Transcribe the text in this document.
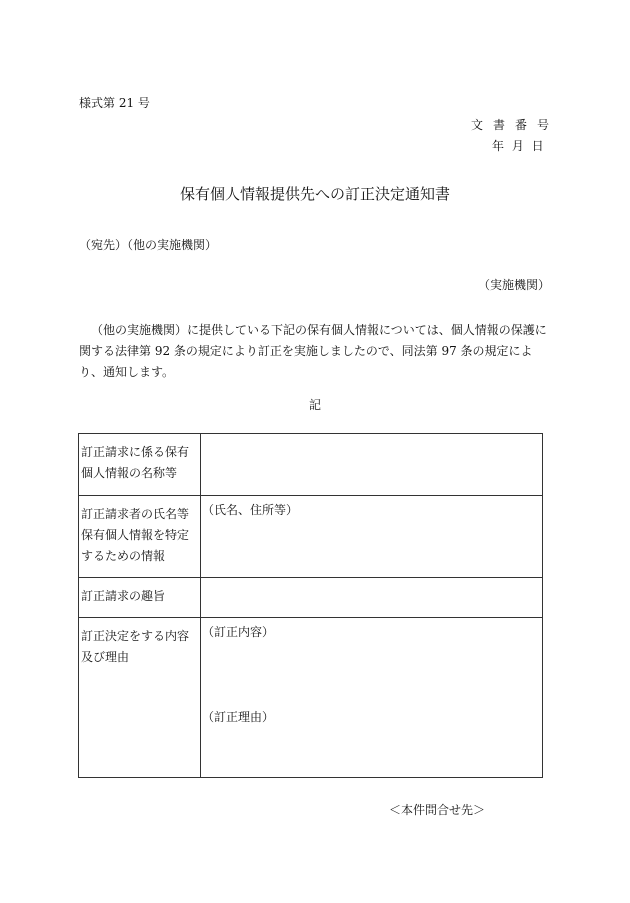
様式第 21 号
文書番号
年 月 日
保有個人情報提供先への訂正決定通知書
（宛先）（他の実施機関）
（実施機関）
（他の実施機関）に提供している下記の保有個人情報については、個人情報の保護に関する法律第 92 条の規定により訂正を実施しましたので、同法第 97 条の規定により、通知します。
記
訂正請求に係る保有個人情報の名称等	
訂正請求者の氏名等保有個人情報を特定するための情報	（氏名、住所等）
訂正請求の趣旨	
訂正決定をする内容及び理由	（訂正内容）
（訂正理由）
＜本件問合せ先＞
